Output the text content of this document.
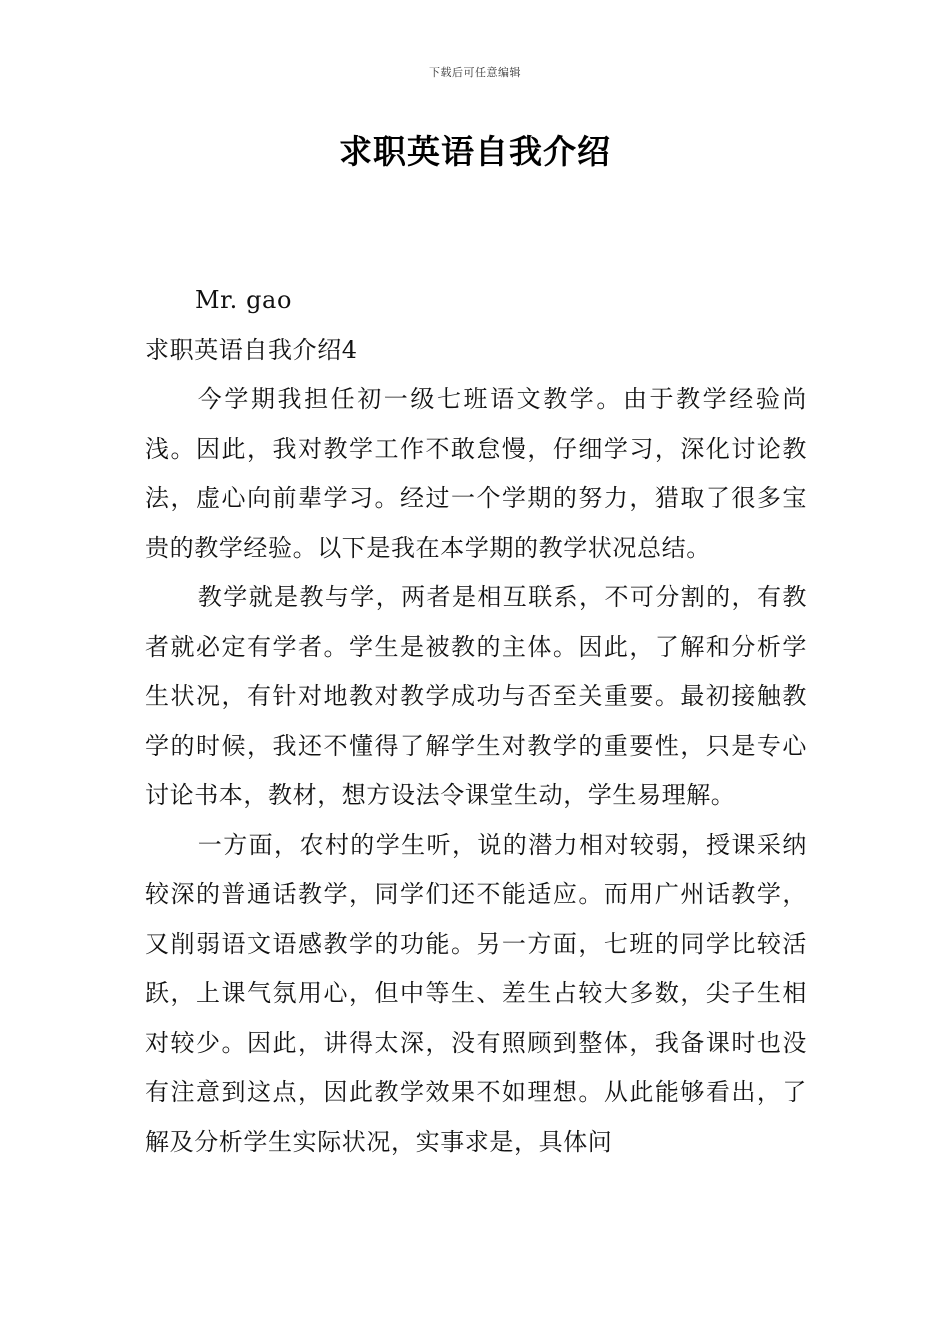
下载后可任意编辑
求职英语自我介绍

Mr. gao

求职英语自我介绍4

今学期我担任初一级七班语文教学。由于教学经验尚浅。因此，我对教学工作不敢怠慢，仔细学习，深化讨论教法，虚心向前辈学习。经过一个学期的努力，猎取了很多宝贵的教学经验。以下是我在本学期的教学状况总结。

教学就是教与学，两者是相互联系，不可分割的，有教者就必定有学者。学生是被教的主体。因此，了解和分析学生状况，有针对地教对教学成功与否至关重要。最初接触教学的时候，我还不懂得了解学生对教学的重要性，只是专心讨论书本，教材，想方设法令课堂生动，学生易理解。

一方面，农村的学生听，说的潜力相对较弱，授课采纳较深的普通话教学，同学们还不能适应。而用广州话教学，又削弱语文语感教学的功能。另一方面，七班的同学比较活跃，上课气氛用心，但中等生、差生占较大多数，尖子生相对较少。因此，讲得太深，没有照顾到整体，我备课时也没有注意到这点，因此教学效果不如理想。从此能够看出，了解及分析学生实际状况，实事求是，具体问
